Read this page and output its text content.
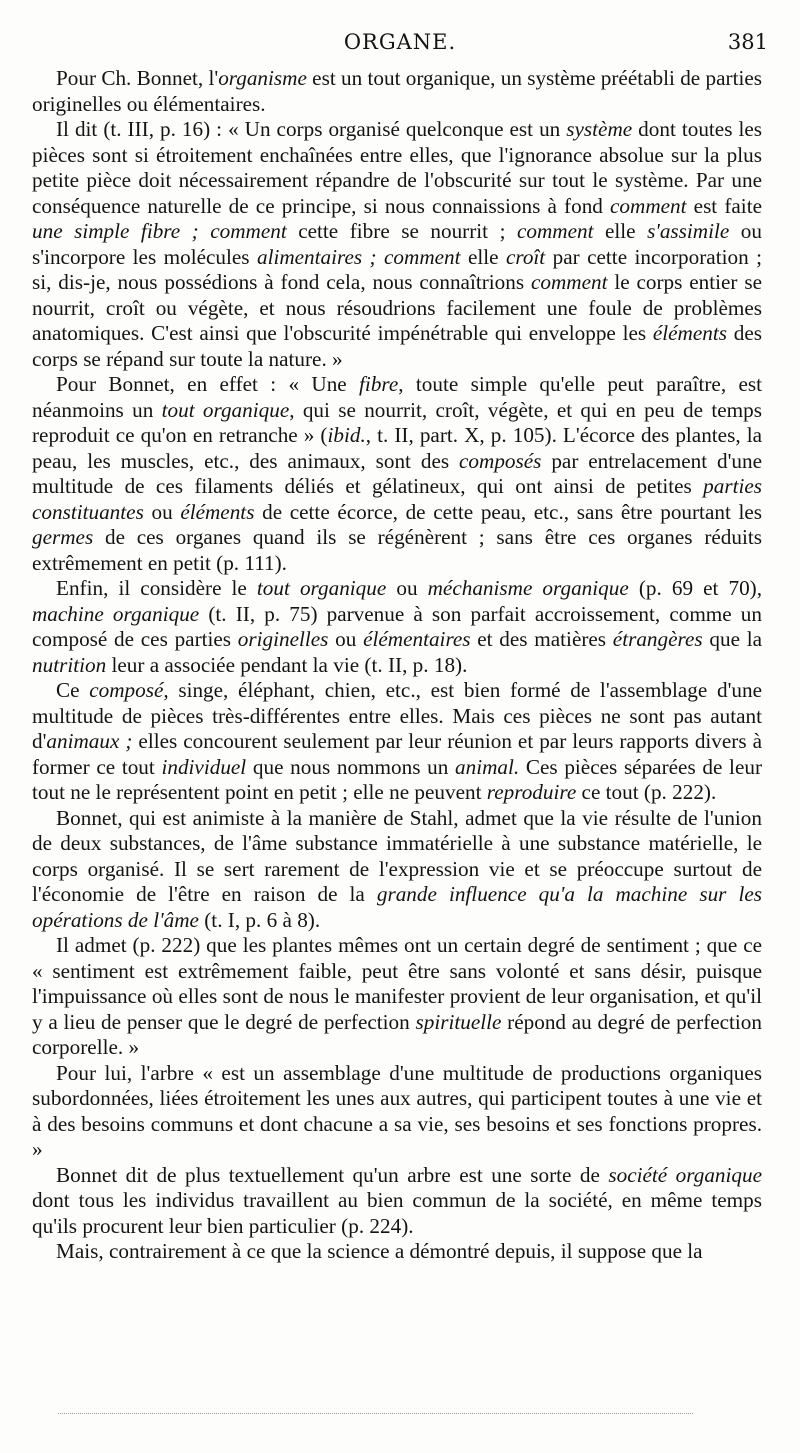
ORGANE.	381

Pour Ch. Bonnet, l'organisme est un tout organique, un système préétabli de parties originelles ou élémentaires.

Il dit (t. III, p. 16) : « Un corps organisé quelconque est un système dont toutes les pièces sont si étroitement enchaînées entre elles, que l'ignorance absolue sur la plus petite pièce doit nécessairement répandre de l'obscurité sur tout le système. Par une conséquence naturelle de ce principe, si nous connaissions à fond comment est faite une simple fibre ; comment cette fibre se nourrit ; comment elle s'assimile ou s'incorpore les molécules alimentaires ; comment elle croît par cette incorporation ; si, dis-je, nous possédions à fond cela, nous connaîtrions comment le corps entier se nourrit, croît ou végète, et nous résoudrions facilement une foule de problèmes anatomiques. C'est ainsi que l'obscurité impénétrable qui enveloppe les éléments des corps se répand sur toute la nature. »

Pour Bonnet, en effet : « Une fibre, toute simple qu'elle peut paraître, est néanmoins un tout organique, qui se nourrit, croît, végète, et qui en peu de temps reproduit ce qu'on en retranche » (ibid., t. II, part. X, p. 105). L'écorce des plantes, la peau, les muscles, etc., des animaux, sont des composés par entrelacement d'une multitude de ces filaments déliés et gélatineux, qui ont ainsi de petites parties constituantes ou éléments de cette écorce, de cette peau, etc., sans être pourtant les germes de ces organes quand ils se régénèrent ; sans être ces organes réduits extrêmement en petit (p. 111).

Enfin, il considère le tout organique ou méchanisme organique (p. 69 et 70), machine organique (t. II, p. 75) parvenue à son parfait accroissement, comme un composé de ces parties originelles ou élémentaires et des matières étrangères que la nutrition leur a associée pendant la vie (t. II, p. 18).

Ce composé, singe, éléphant, chien, etc., est bien formé de l'assemblage d'une multitude de pièces très-différentes entre elles. Mais ces pièces ne sont pas autant d'animaux ; elles concourent seulement par leur réunion et par leurs rapports divers à former ce tout individuel que nous nommons un animal. Ces pièces séparées de leur tout ne le représentent point en petit ; elle ne peuvent reproduire ce tout (p. 222).

Bonnet, qui est animiste à la manière de Stahl, admet que la vie résulte de l'union de deux substances, de l'âme substance immatérielle à une substance matérielle, le corps organisé. Il se sert rarement de l'expression vie et se préoccupe surtout de l'économie de l'être en raison de la grande influence qu'a la machine sur les opérations de l'âme (t. I, p. 6 à 8).

Il admet (p. 222) que les plantes mêmes ont un certain degré de sentiment ; que ce « sentiment est extrêmement faible, peut être sans volonté et sans désir, puisque l'impuissance où elles sont de nous le manifester provient de leur organisation, et qu'il y a lieu de penser que le degré de perfection spirituelle répond au degré de perfection corporelle. »

Pour lui, l'arbre « est un assemblage d'une multitude de productions organiques subordonnées, liées étroitement les unes aux autres, qui participent toutes à une vie et à des besoins communs et dont chacune a sa vie, ses besoins et ses fonctions propres. »

Bonnet dit de plus textuellement qu'un arbre est une sorte de société organique dont tous les individus travaillent au bien commun de la société, en même temps qu'ils procurent leur bien particulier (p. 224).

Mais, contrairement à ce que la science a démontré depuis, il suppose que la
